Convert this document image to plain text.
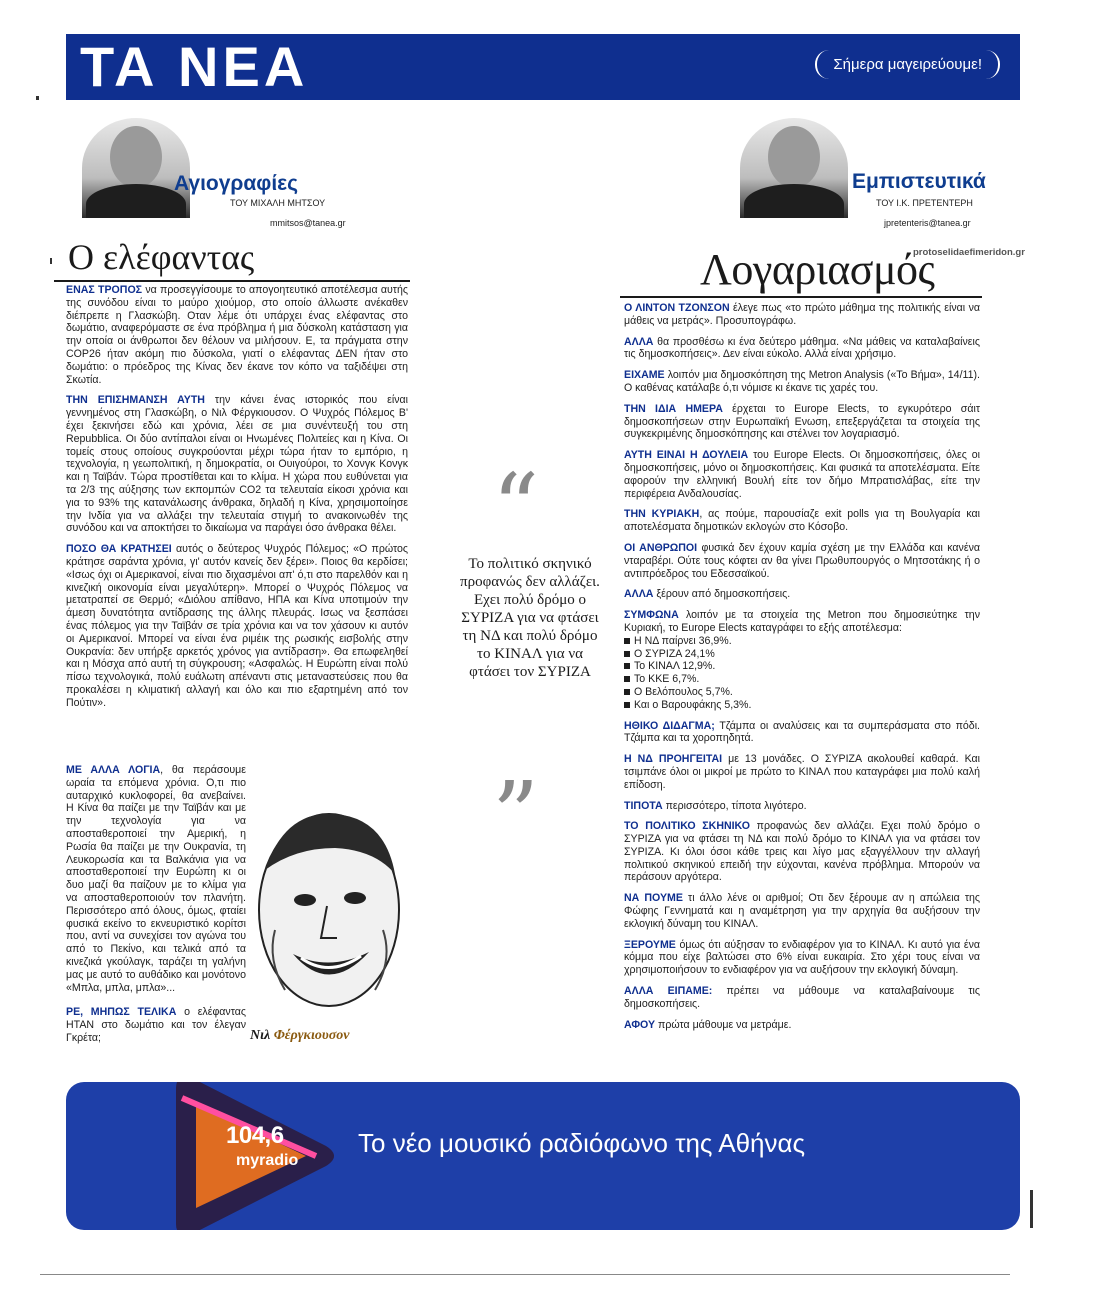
ΤΑ ΝΕΑ	Σήμερα μαγειρεύουμε!
Αγιογραφίες
ΤΟΥ ΜΙΧΑΛΗ ΜΗΤΣΟΥ
mmitsos@tanea.gr
Ο ελέφαντας

ΕΝΑΣ ΤΡΟΠΟΣ να προσεγγίσουμε το απογοητευτικό αποτέλεσμα αυτής της συνόδου είναι το μαύρο χιούμορ, στο οποίο άλλωστε ανέκαθεν διέπρεπε η Γλασκώβη. Οταν λέμε ότι υπάρχει ένας ελέφαντας στο δωμάτιο, αναφερόμαστε σε ένα πρόβλημα ή μια δύσκολη κατάσταση για την οποία οι άνθρωποι δεν θέλουν να μιλήσουν. Ε, τα πράγματα στην COP26 ήταν ακόμη πιο δύσκολα, γιατί ο ελέφαντας ΔΕΝ ήταν στο δωμάτιο: ο πρόεδρος της Κίνας δεν έκανε τον κόπο να ταξιδέψει στη Σκωτία.

ΤΗΝ ΕΠΙΣΗΜΑΝΣΗ ΑΥΤΗ την κάνει ένας ιστορικός που είναι γεννημένος στη Γλασκώβη, ο Νιλ Φέργκιουσον. Ο Ψυχρός Πόλεμος Β' έχει ξεκινήσει εδώ και χρόνια, λέει σε μια συνέντευξή του στη Repubblica. Οι δύο αντίπαλοι είναι οι Ηνωμένες Πολιτείες και η Κίνα. Οι τομείς στους οποίους συγκρούονται μέχρι τώρα ήταν το εμπόριο, η τεχνολογία, η γεωπολιτική, η δημοκρατία, οι Ουιγούροι, το Χονγκ Κονγκ και η Ταϊβάν. Τώρα προστίθεται και το κλίμα. Η χώρα που ευθύνεται για τα 2/3 της αύξησης των εκπομπών CO2 τα τελευταία είκοσι χρόνια και για το 93% της κατανάλωσης άνθρακα, δηλαδή η Κίνα, χρησιμοποίησε την Ινδία για να αλλάξει την τελευταία στιγμή το ανακοινωθέν της συνόδου και να αποκτήσει το δικαίωμα να παράγει όσο άνθρακα θέλει.

ΠΟΣΟ ΘΑ ΚΡΑΤΗΣΕΙ αυτός ο δεύτερος Ψυχρός Πόλεμος; «Ο πρώτος κράτησε σαράντα χρόνια, γι' αυτόν κανείς δεν ξέρει». Ποιος θα κερδίσει; «Ισως όχι οι Αμερικανοί, είναι πιο διχασμένοι απ' ό,τι στο παρελθόν και η κινεζική οικονομία είναι μεγαλύτερη». Μπορεί ο Ψυχρός Πόλεμος να μετατραπεί σε Θερμό; «Διόλου απίθανο, ΗΠΑ και Κίνα υποτιμούν την άμεση δυνατότητα αντίδρασης της άλλης πλευράς. Ισως να ξεσπάσει ένας πόλεμος για την Ταϊβάν σε τρία χρόνια και να τον χάσουν κι αυτόν οι Αμερικανοί. Μπορεί να είναι ένα ριμέικ της ρωσικής εισβολής στην Ουκρανία: δεν υπήρξε αρκετός χρόνος για αντίδραση». Θα επωφεληθεί και η Μόσχα από αυτή τη σύγκρουση; «Ασφαλώς. Η Ευρώπη είναι πολύ πίσω τεχνολογικά, πολύ ευάλωτη απέναντι στις μεταναστεύσεις που θα προκαλέσει η κλιματική αλλαγή και όλο και πιο εξαρτημένη από τον Πούτιν».

ΜΕ ΑΛΛΑ ΛΟΓΙΑ, θα περάσουμε ωραία τα επόμενα χρόνια. Ο,τι πιο αυταρχικό κυκλοφορεί, θα ανεβαίνει. Η Κίνα θα παίζει με την Ταϊβάν και με την τεχνολογία για να αποσταθεροποιεί την Αμερική, η Ρωσία θα παίζει με την Ουκρανία, τη Λευκορωσία και τα Βαλκάνια για να αποσταθεροποιεί την Ευρώπη κι οι δυο μαζί θα παίζουν με το κλίμα για να αποσταθεροποιούν τον πλανήτη. Περισσότερο από όλους, όμως, φταίει φυσικά εκείνο το εκνευριστικό κορίτσι που, αντί να συνεχίσει τον αγώνα του από το Πεκίνο, και τελικά από τα κινεζικά γκούλαγκ, ταράζει τη γαλήνη μας με αυτό το αυθάδικο και μονότονο «Μπλα, μπλα, μπλα»...

ΡΕ, ΜΗΠΩΣ ΤΕΛΙΚΑ ο ελέφαντας ΗΤΑΝ στο δωμάτιο και τον έλεγαν Γκρέτα;	Νιλ Φέργκιουσον
“
Το πολιτικό σκηνικό προφανώς δεν αλλάζει. Εχει πολύ δρόμο ο ΣΥΡΙΖΑ για να φτάσει τη ΝΔ και πολύ δρόμο το ΚΙΝΑΛ για να φτάσει τον ΣΥΡΙΖΑ
”
Εμπιστευτικά
ΤΟΥ Ι.Κ. ΠΡΕΤΕΝΤΕΡΗ
jpretenteris@tanea.gr
protoselidaefimeridon.gr
Λογαριασμός

Ο ΛΙΝΤΟΝ ΤΖΟΝΣΟΝ έλεγε πως «το πρώτο μάθημα της πολιτικής είναι να μάθεις να μετράς». Προσυπογράφω.

ΑΛΛΑ θα προσθέσω κι ένα δεύτερο μάθημα. «Να μάθεις να καταλαβαίνεις τις δημοσκοπήσεις». Δεν είναι εύκολο. Αλλά είναι χρήσιμο.

ΕΙΧΑΜΕ λοιπόν μια δημοσκόπηση της Metron Analysis («Το Βήμα», 14/11). Ο καθένας κατάλαβε ό,τι νόμισε κι έκανε τις χαρές του.

ΤΗΝ ΙΔΙΑ ΗΜΕΡΑ έρχεται το Europe Elects, το εγκυρότερο σάιτ δημοσκοπήσεων στην Ευρωπαϊκή Ενωση, επεξεργάζεται τα στοιχεία της συγκεκριμένης δημοσκόπησης και στέλνει τον λογαριασμό.

ΑΥΤΗ ΕΙΝΑΙ Η ΔΟΥΛΕΙΑ του Europe Elects. Οι δημοσκοπήσεις, όλες οι δημοσκοπήσεις, μόνο οι δημοσκοπήσεις. Και φυσικά τα αποτελέσματα. Είτε αφορούν την ελληνική Βουλή είτε τον δήμο Μπρατισλάβας, είτε την περιφέρεια Ανδαλουσίας.

ΤΗΝ ΚΥΡΙΑΚΗ, ας πούμε, παρουσίαζε exit polls για τη Βουλγαρία και αποτελέσματα δημοτικών εκλογών στο Κόσοβο.

ΟΙ ΑΝΘΡΩΠΟΙ φυσικά δεν έχουν καμία σχέση με την Ελλάδα και κανένα νταραβέρι. Ούτε τους κόφτει αν θα γίνει Πρωθυπουργός ο Μητσοτάκης ή ο αντιπρόεδρος του Εδεσσαϊκού.

ΑΛΛΑ ξέρουν από δημοσκοπήσεις.

ΣΥΜΦΩΝΑ λοιπόν με τα στοιχεία της Metron που δημοσιεύτηκε την Κυριακή, το Europe Elects καταγράφει το εξής αποτέλεσμα:

Η ΝΔ παίρνει 36,9%.
Ο ΣΥΡΙΖΑ 24,1%
Το ΚΙΝΑΛ 12,9%.
Το ΚΚΕ 6,7%.
Ο Βελόπουλος 5,7%.
Και ο Βαρουφάκης 5,3%.

ΗΘΙΚΟ ΔΙΔΑΓΜΑ; Τζάμπα οι αναλύσεις και τα συμπεράσματα στο πόδι. Τζάμπα και τα χοροπηδητά.

Η ΝΔ ΠΡΟΗΓΕΙΤΑΙ με 13 μονάδες. Ο ΣΥΡΙΖΑ ακολουθεί καθαρά. Και τσιμπάνε όλοι οι μικροί με πρώτο το ΚΙΝΑΛ που καταγράφει μια πολύ καλή επίδοση.

ΤΙΠΟΤΑ περισσότερο, τίποτα λιγότερο.

ΤΟ ΠΟΛΙΤΙΚΟ ΣΚΗΝΙΚΟ προφανώς δεν αλλάζει. Εχει πολύ δρόμο ο ΣΥΡΙΖΑ για να φτάσει τη ΝΔ και πολύ δρόμο το ΚΙΝΑΛ για να φτάσει τον ΣΥΡΙΖΑ. Κι όλοι όσοι κάθε τρεις και λίγο μας εξαγγέλλουν την αλλαγή πολιτικού σκηνικού επειδή την εύχονται, κανένα πρόβλημα. Μπορούν να περάσουν αργότερα.

ΝΑ ΠΟΥΜΕ τι άλλο λένε οι αριθμοί; Οτι δεν ξέρουμε αν η απώλεια της Φώφης Γεννηματά και η αναμέτρηση για την αρχηγία θα αυξήσουν την εκλογική δύναμη του ΚΙΝΑΛ.

ΞΕΡΟΥΜΕ όμως ότι αύξησαν το ενδιαφέρον για το ΚΙΝΑΛ. Κι αυτό για ένα κόμμα που είχε βαλτώσει στο 6% είναι ευκαιρία. Στο χέρι τους είναι να χρησιμοποιήσουν το ενδιαφέρον για να αυξήσουν την εκλογική δύναμη.

ΑΛΛΑ ΕΙΠΑΜΕ: πρέπει να μάθουμε να καταλαβαίνουμε τις δημοσκοπήσεις.

ΑΦΟΥ πρώτα μάθουμε να μετράμε.

104,6
myradio
Το νέο μουσικό ραδιόφωνο της Αθήνας
